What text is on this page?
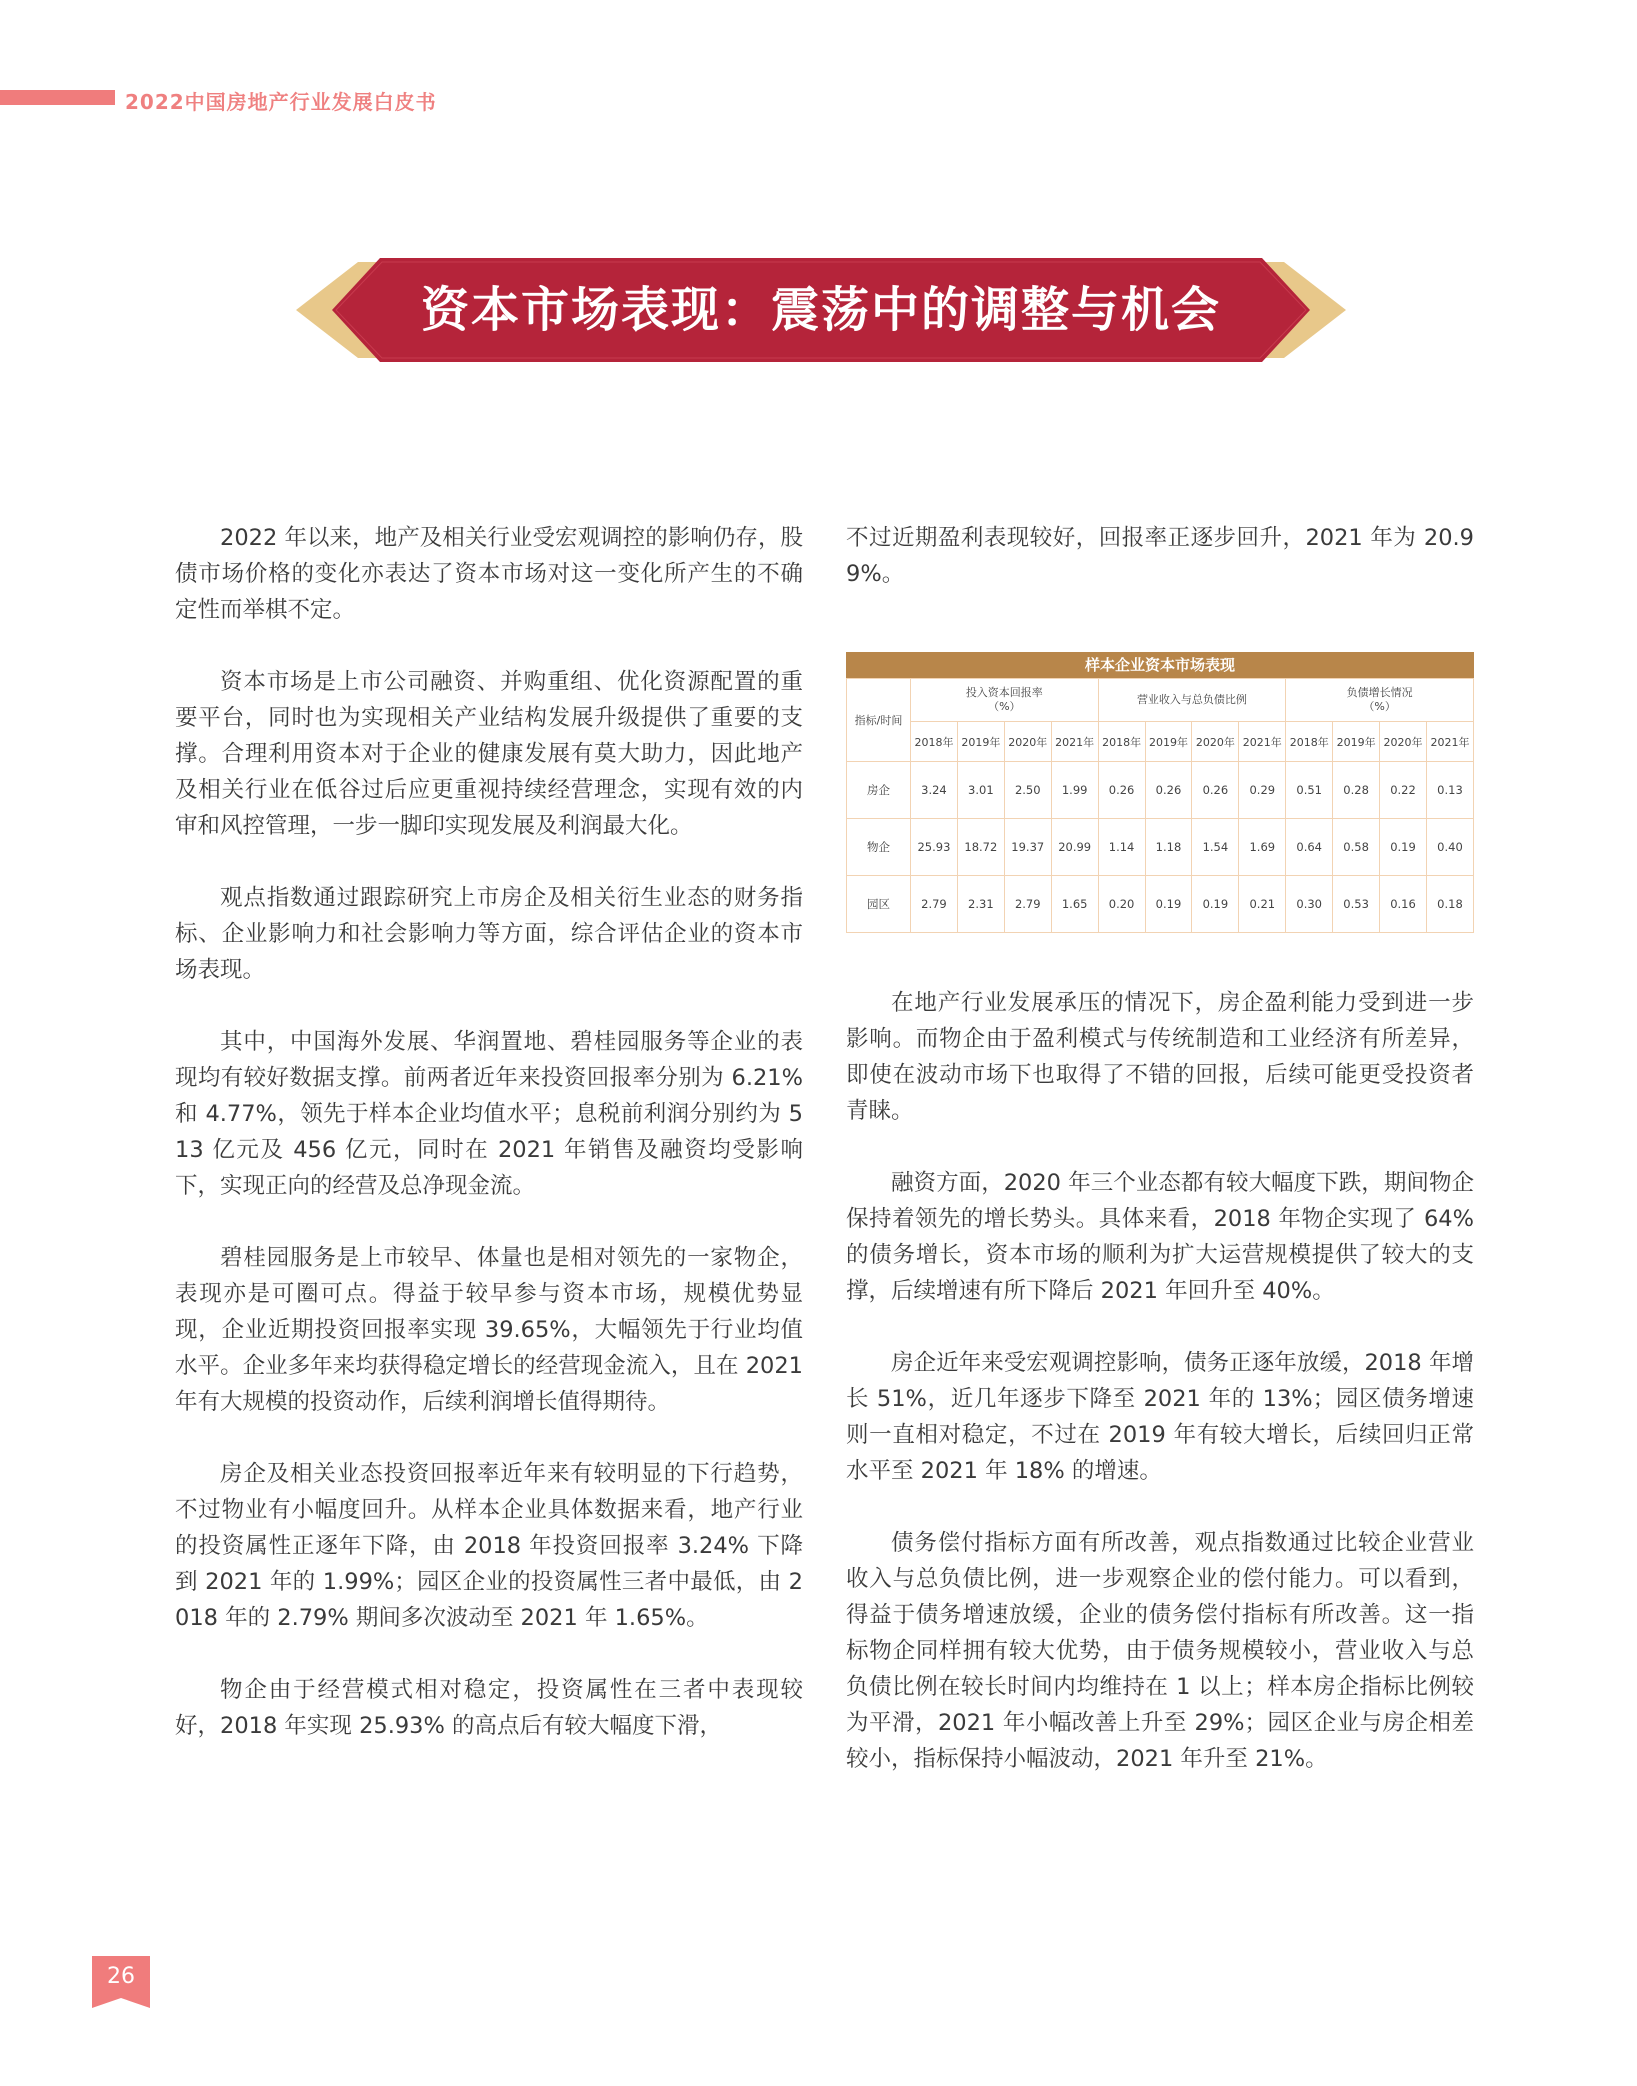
2022中国房地产行业发展白皮书
资本市场表现：震荡中的调整与机会

2022 年以来，地产及相关行业受宏观调控的影响仍存，股债市场价格的变化亦表达了资本市场对这一变化所产生的不确定性而举棋不定。

资本市场是上市公司融资、并购重组、优化资源配置的重要平台，同时也为实现相关产业结构发展升级提供了重要的支撑。合理利用资本对于企业的健康发展有莫大助力，因此地产及相关行业在低谷过后应更重视持续经营理念，实现有效的内审和风控管理，一步一脚印实现发展及利润最大化。

观点指数通过跟踪研究上市房企及相关衍生业态的财务指标、企业影响力和社会影响力等方面，综合评估企业的资本市场表现。

其中，中国海外发展、华润置地、碧桂园服务等企业的表现均有较好数据支撑。前两者近年来投资回报率分别为 6.21% 和 4.77%，领先于样本企业均值水平；息税前利润分别约为 513 亿元及 456 亿元，同时在 2021 年销售及融资均受影响下，实现正向的经营及总净现金流。

碧桂园服务是上市较早、体量也是相对领先的一家物企，表现亦是可圈可点。得益于较早参与资本市场，规模优势显现，企业近期投资回报率实现 39.65%，大幅领先于行业均值水平。企业多年来均获得稳定增长的经营现金流入，且在 2021 年有大规模的投资动作，后续利润增长值得期待。

房企及相关业态投资回报率近年来有较明显的下行趋势，不过物业有小幅度回升。从样本企业具体数据来看，地产行业的投资属性正逐年下降，由 2018 年投资回报率 3.24% 下降到 2021 年的 1.99%；园区企业的投资属性三者中最低，由 2018 年的 2.79% 期间多次波动至 2021 年 1.65%。

物企由于经营模式相对稳定，投资属性在三者中表现较好，2018 年实现 25.93% 的高点后有较大幅度下滑，

不过近期盈利表现较好，回报率正逐步回升，2021 年为 20.99%。

样本企业资本市场表现
指标/时间	投入资本回报率
（%）				营业收入与总负债比例				负债增长情况
（%）			
	2018年	2019年	2020年	2021年	2018年	2019年	2020年	2021年	2018年	2019年	2020年	2021年
房企	3.24	3.01	2.50	1.99	0.26	0.26	0.26	0.29	0.51	0.28	0.22	0.13
物企	25.93	18.72	19.37	20.99	1.14	1.18	1.54	1.69	0.64	0.58	0.19	0.40
园区	2.79	2.31	2.79	1.65	0.20	0.19	0.19	0.21	0.30	0.53	0.16	0.18

在地产行业发展承压的情况下，房企盈利能力受到进一步影响。而物企由于盈利模式与传统制造和工业经济有所差异，即使在波动市场下也取得了不错的回报，后续可能更受投资者青睐。

融资方面，2020 年三个业态都有较大幅度下跌，期间物企保持着领先的增长势头。具体来看，2018 年物企实现了 64% 的债务增长，资本市场的顺利为扩大运营规模提供了较大的支撑，后续增速有所下降后 2021 年回升至 40%。

房企近年来受宏观调控影响，债务正逐年放缓，2018 年增长 51%，近几年逐步下降至 2021 年的 13%；园区债务增速则一直相对稳定，不过在 2019 年有较大增长，后续回归正常水平至 2021 年 18% 的增速。

债务偿付指标方面有所改善，观点指数通过比较企业营业收入与总负债比例，进一步观察企业的偿付能力。可以看到，得益于债务增速放缓，企业的债务偿付指标有所改善。这一指标物企同样拥有较大优势，由于债务规模较小，营业收入与总负债比例在较长时间内均维持在 1 以上；样本房企指标比例较为平滑，2021 年小幅改善上升至 29%；园区企业与房企相差较小，指标保持小幅波动，2021 年升至 21%。

26
